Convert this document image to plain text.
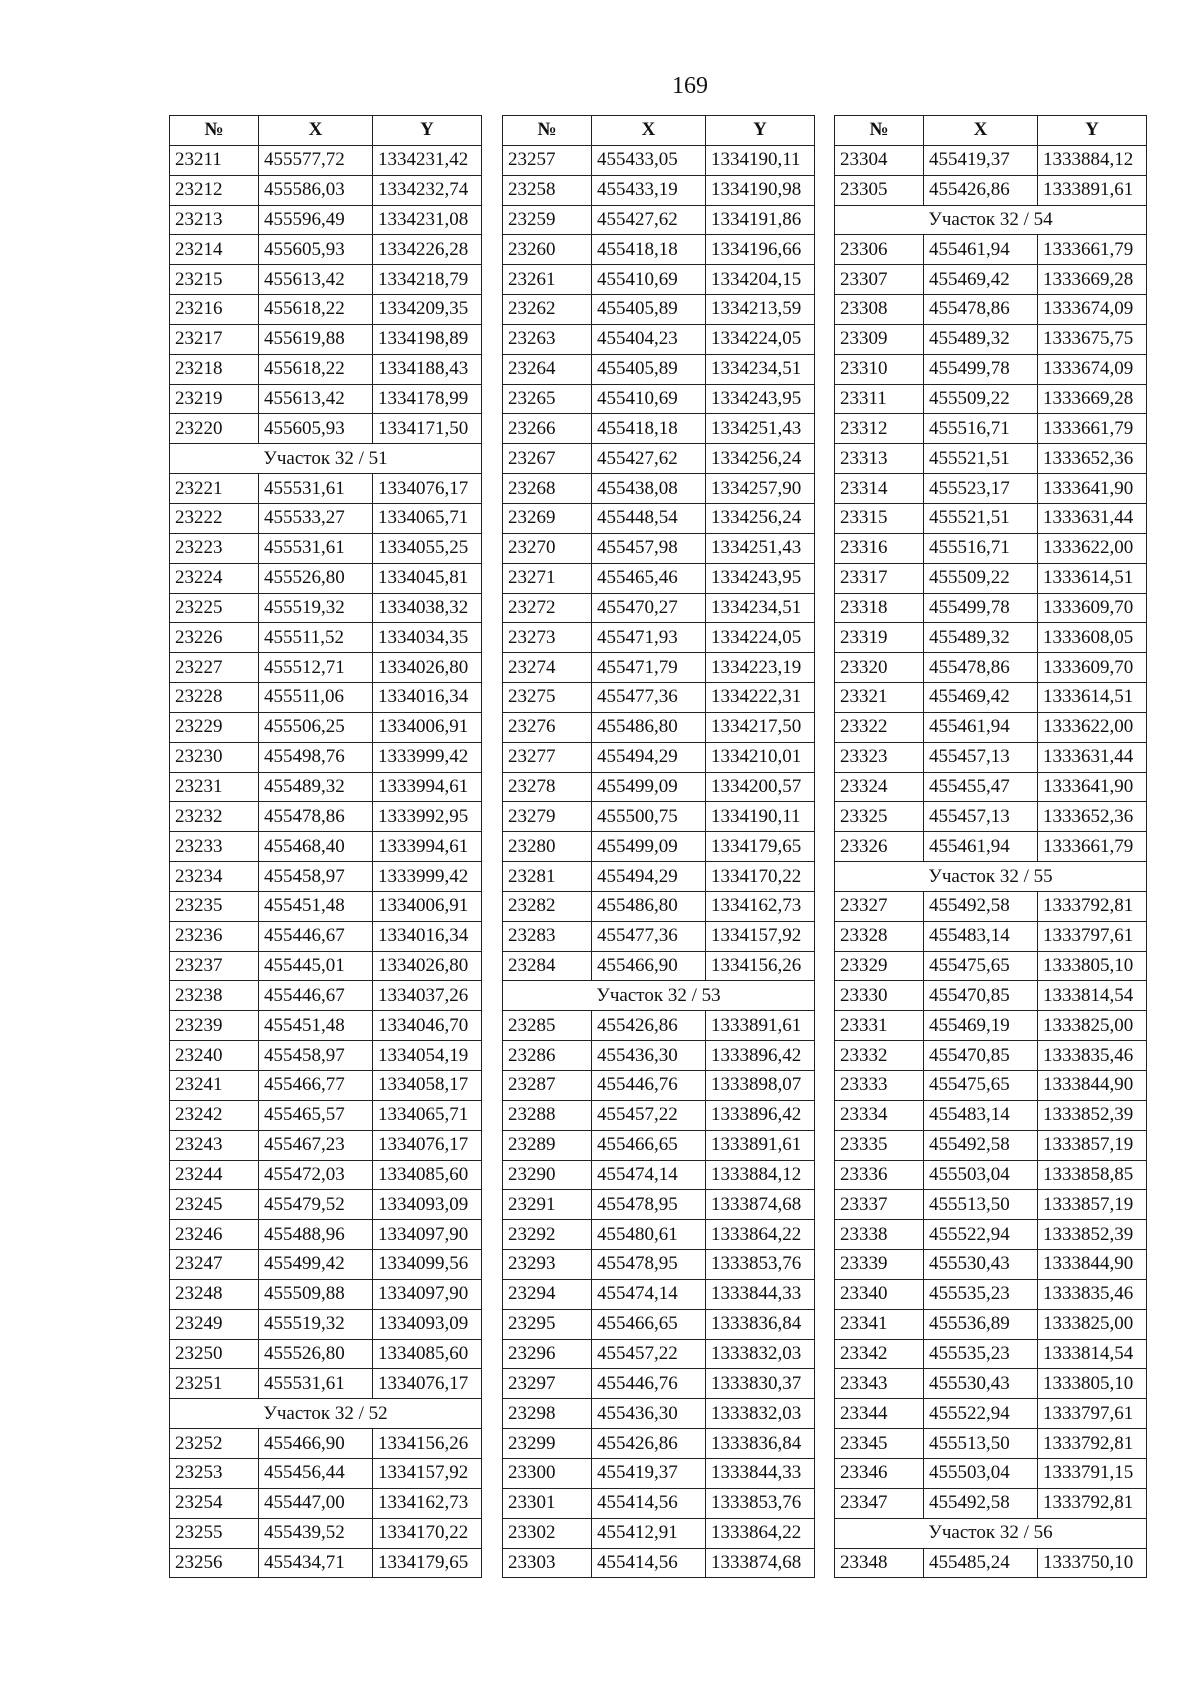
169
№	X	Y
23211	455577,72	1334231,42
23212	455586,03	1334232,74
23213	455596,49	1334231,08
23214	455605,93	1334226,28
23215	455613,42	1334218,79
23216	455618,22	1334209,35
23217	455619,88	1334198,89
23218	455618,22	1334188,43
23219	455613,42	1334178,99
23220	455605,93	1334171,50
Участок 32 / 51		
23221	455531,61	1334076,17
23222	455533,27	1334065,71
23223	455531,61	1334055,25
23224	455526,80	1334045,81
23225	455519,32	1334038,32
23226	455511,52	1334034,35
23227	455512,71	1334026,80
23228	455511,06	1334016,34
23229	455506,25	1334006,91
23230	455498,76	1333999,42
23231	455489,32	1333994,61
23232	455478,86	1333992,95
23233	455468,40	1333994,61
23234	455458,97	1333999,42
23235	455451,48	1334006,91
23236	455446,67	1334016,34
23237	455445,01	1334026,80
23238	455446,67	1334037,26
23239	455451,48	1334046,70
23240	455458,97	1334054,19
23241	455466,77	1334058,17
23242	455465,57	1334065,71
23243	455467,23	1334076,17
23244	455472,03	1334085,60
23245	455479,52	1334093,09
23246	455488,96	1334097,90
23247	455499,42	1334099,56
23248	455509,88	1334097,90
23249	455519,32	1334093,09
23250	455526,80	1334085,60
23251	455531,61	1334076,17
Участок 32 / 52		
23252	455466,90	1334156,26
23253	455456,44	1334157,92
23254	455447,00	1334162,73
23255	455439,52	1334170,22
23256	455434,71	1334179,65
№	X	Y
23257	455433,05	1334190,11
23258	455433,19	1334190,98
23259	455427,62	1334191,86
23260	455418,18	1334196,66
23261	455410,69	1334204,15
23262	455405,89	1334213,59
23263	455404,23	1334224,05
23264	455405,89	1334234,51
23265	455410,69	1334243,95
23266	455418,18	1334251,43
23267	455427,62	1334256,24
23268	455438,08	1334257,90
23269	455448,54	1334256,24
23270	455457,98	1334251,43
23271	455465,46	1334243,95
23272	455470,27	1334234,51
23273	455471,93	1334224,05
23274	455471,79	1334223,19
23275	455477,36	1334222,31
23276	455486,80	1334217,50
23277	455494,29	1334210,01
23278	455499,09	1334200,57
23279	455500,75	1334190,11
23280	455499,09	1334179,65
23281	455494,29	1334170,22
23282	455486,80	1334162,73
23283	455477,36	1334157,92
23284	455466,90	1334156,26
Участок 32 / 53		
23285	455426,86	1333891,61
23286	455436,30	1333896,42
23287	455446,76	1333898,07
23288	455457,22	1333896,42
23289	455466,65	1333891,61
23290	455474,14	1333884,12
23291	455478,95	1333874,68
23292	455480,61	1333864,22
23293	455478,95	1333853,76
23294	455474,14	1333844,33
23295	455466,65	1333836,84
23296	455457,22	1333832,03
23297	455446,76	1333830,37
23298	455436,30	1333832,03
23299	455426,86	1333836,84
23300	455419,37	1333844,33
23301	455414,56	1333853,76
23302	455412,91	1333864,22
23303	455414,56	1333874,68
№	X	Y
23304	455419,37	1333884,12
23305	455426,86	1333891,61
Участок 32 / 54		
23306	455461,94	1333661,79
23307	455469,42	1333669,28
23308	455478,86	1333674,09
23309	455489,32	1333675,75
23310	455499,78	1333674,09
23311	455509,22	1333669,28
23312	455516,71	1333661,79
23313	455521,51	1333652,36
23314	455523,17	1333641,90
23315	455521,51	1333631,44
23316	455516,71	1333622,00
23317	455509,22	1333614,51
23318	455499,78	1333609,70
23319	455489,32	1333608,05
23320	455478,86	1333609,70
23321	455469,42	1333614,51
23322	455461,94	1333622,00
23323	455457,13	1333631,44
23324	455455,47	1333641,90
23325	455457,13	1333652,36
23326	455461,94	1333661,79
Участок 32 / 55		
23327	455492,58	1333792,81
23328	455483,14	1333797,61
23329	455475,65	1333805,10
23330	455470,85	1333814,54
23331	455469,19	1333825,00
23332	455470,85	1333835,46
23333	455475,65	1333844,90
23334	455483,14	1333852,39
23335	455492,58	1333857,19
23336	455503,04	1333858,85
23337	455513,50	1333857,19
23338	455522,94	1333852,39
23339	455530,43	1333844,90
23340	455535,23	1333835,46
23341	455536,89	1333825,00
23342	455535,23	1333814,54
23343	455530,43	1333805,10
23344	455522,94	1333797,61
23345	455513,50	1333792,81
23346	455503,04	1333791,15
23347	455492,58	1333792,81
Участок 32 / 56		
23348	455485,24	1333750,10
